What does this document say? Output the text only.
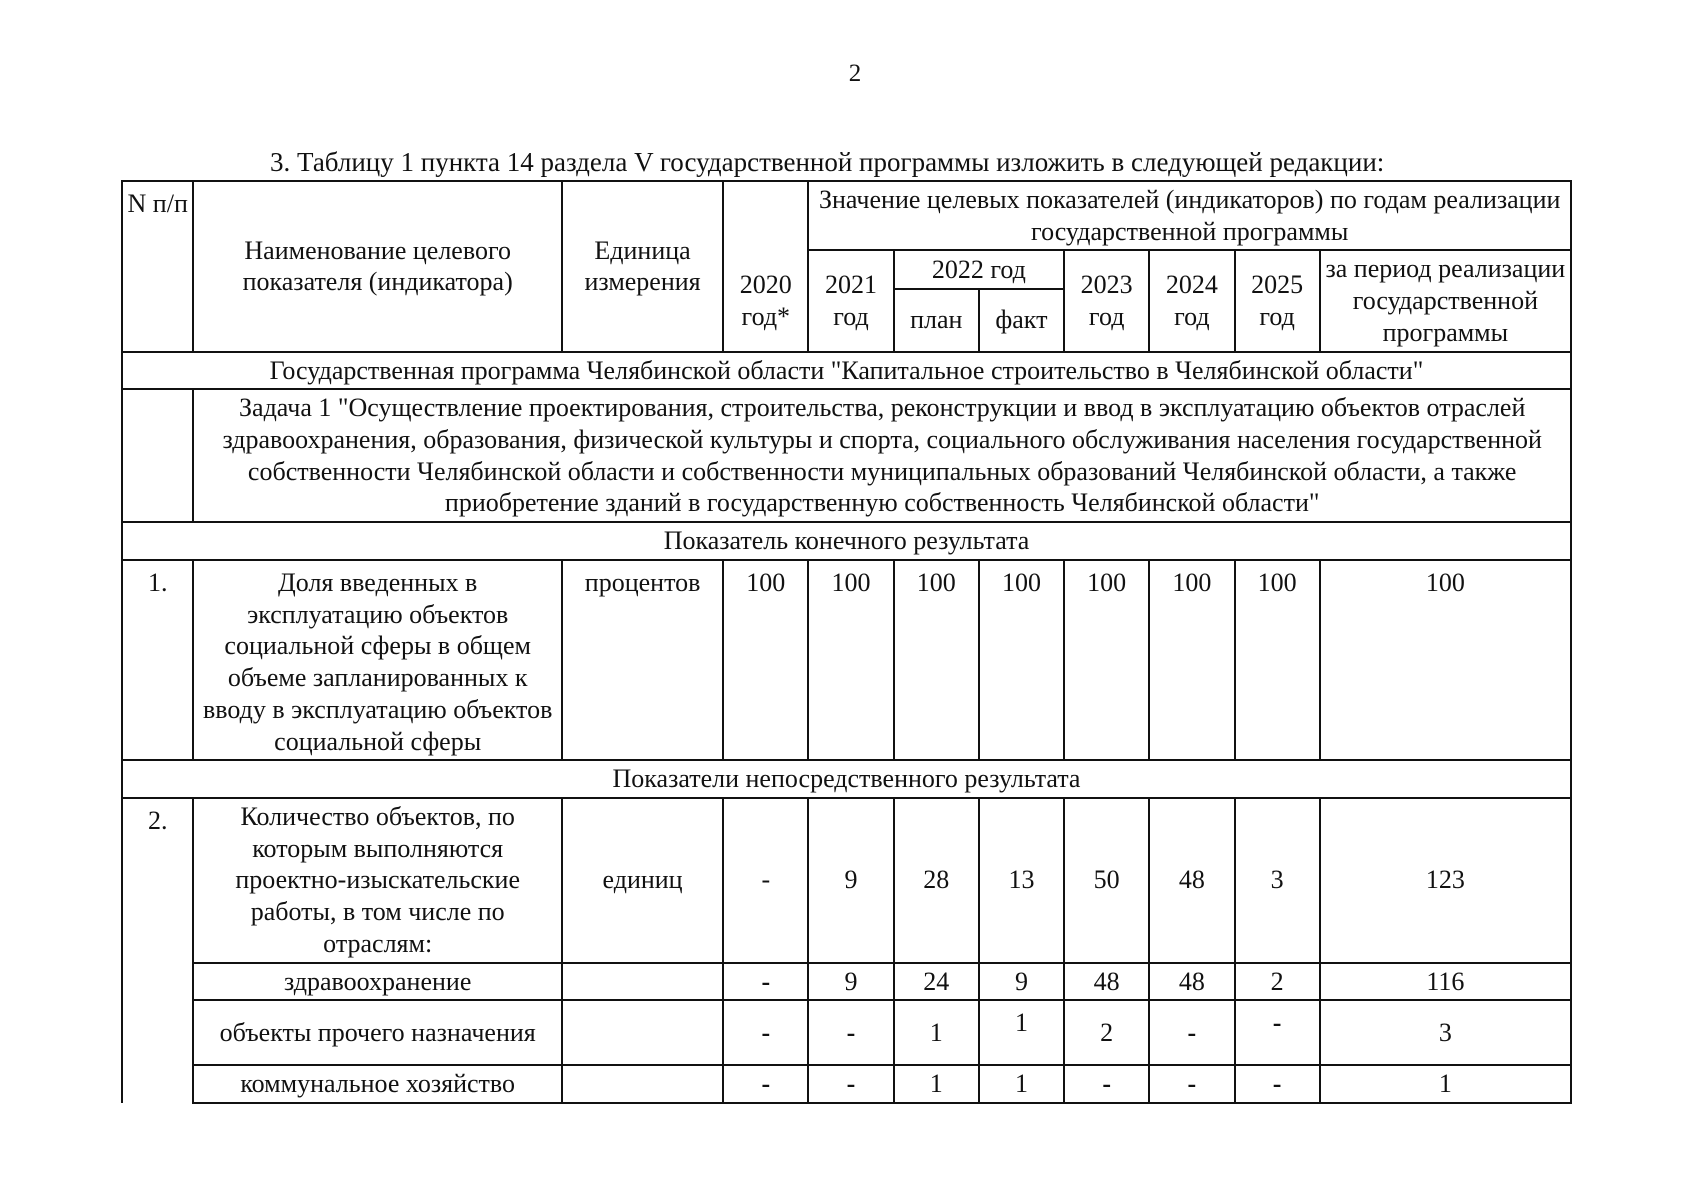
2
3. Таблицу 1 пункта 14 раздела V государственной программы изложить в следующей редакции:
N п/п	Наименование целевого показателя (индикатора)	Единица измерения		Значение целевых показателей (индикаторов) по годам реализации государственной программы						
			2020 год*	2021 год	2022 год		2023 год	2024 год	2025 год	за период реализации государственной программы
					план	факт				
Государственная программа Челябинской области "Капитальное строительство в Челябинской области"										
	Задача 1 "Осуществление проектирования, строительства, реконструкции и ввод в эксплуатацию объектов отраслей здравоохранения, образования, физической культуры и спорта, социального обслуживания населения государственной собственности Челябинской области и собственности муниципальных образований Челябинской области, а также приобретение зданий в государственную собственность Челябинской области"									
Показатель конечного результата										
1.	Доля введенных в эксплуатацию объектов социальной сферы в общем объеме запланированных к вводу в эксплуатацию объектов социальной сферы	процентов	100	100	100	100	100	100	100	100
Показатели непосредственного результата										
2.	Количество объектов, по которым выполняются проектно-изыскательские работы, в том числе по отраслям:	единиц	-	9	28	13	50	48	3	123
	здравоохранение		-	9	24	9	48	48	2	116
	объекты прочего назначения		-	-	1	1	2	-	-	3
	коммунальное хозяйство		-	-	1	1	-	-	-	1
